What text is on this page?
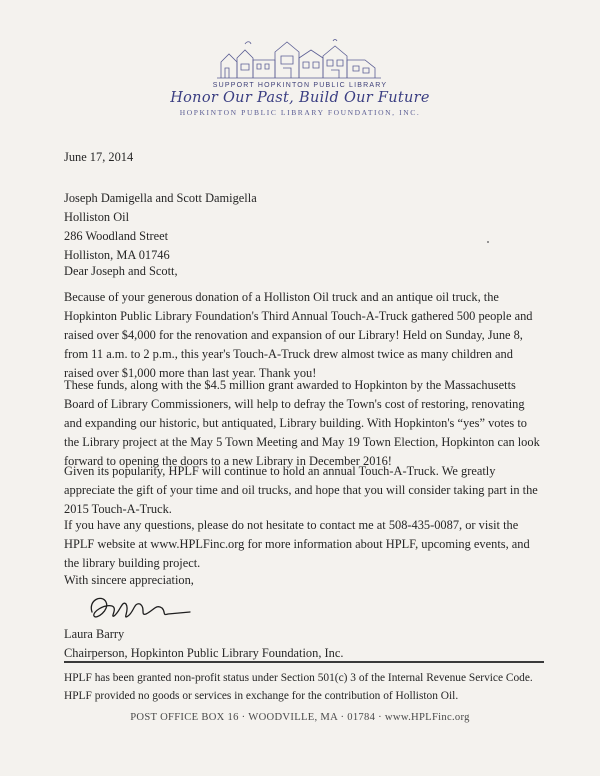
SUPPORT HOPKINTON PUBLIC LIBRARY
Honor Our Past, Build Our Future
HOPKINTON PUBLIC LIBRARY FOUNDATION, INC.
June 17, 2014
Joseph Damigella and Scott Damigella
Holliston Oil
286 Woodland Street
Holliston, MA 01746
Dear Joseph and Scott,
Because of your generous donation of a Holliston Oil truck and an antique oil truck, the Hopkinton Public Library Foundation's Third Annual Touch-A-Truck gathered 500 people and raised over $4,000 for the renovation and expansion of our Library! Held on Sunday, June 8, from 11 a.m. to 2 p.m., this year's Touch-A-Truck drew almost twice as many children and raised over $1,000 more than last year. Thank you!
These funds, along with the $4.5 million grant awarded to Hopkinton by the Massachusetts Board of Library Commissioners, will help to defray the Town's cost of restoring, renovating and expanding our historic, but antiquated, Library building. With Hopkinton's “yes” votes to the Library project at the May 5 Town Meeting and May 19 Town Election, Hopkinton can look forward to opening the doors to a new Library in December 2016!
Given its popularity, HPLF will continue to hold an annual Touch-A-Truck. We greatly appreciate the gift of your time and oil trucks, and hope that you will consider taking part in the 2015 Touch-A-Truck.
If you have any questions, please do not hesitate to contact me at 508-435-0087, or visit the HPLF website at www.HPLFinc.org for more information about HPLF, upcoming events, and the library building project.
With sincere appreciation,
Laura Barry
Chairperson, Hopkinton Public Library Foundation, Inc.
HPLF has been granted non-profit status under Section 501(c) 3 of the Internal Revenue Service Code.
HPLF provided no goods or services in exchange for the contribution of Holliston Oil.
POST OFFICE BOX 16 · WOODVILLE, MA · 01784 · www.HPLFinc.org
